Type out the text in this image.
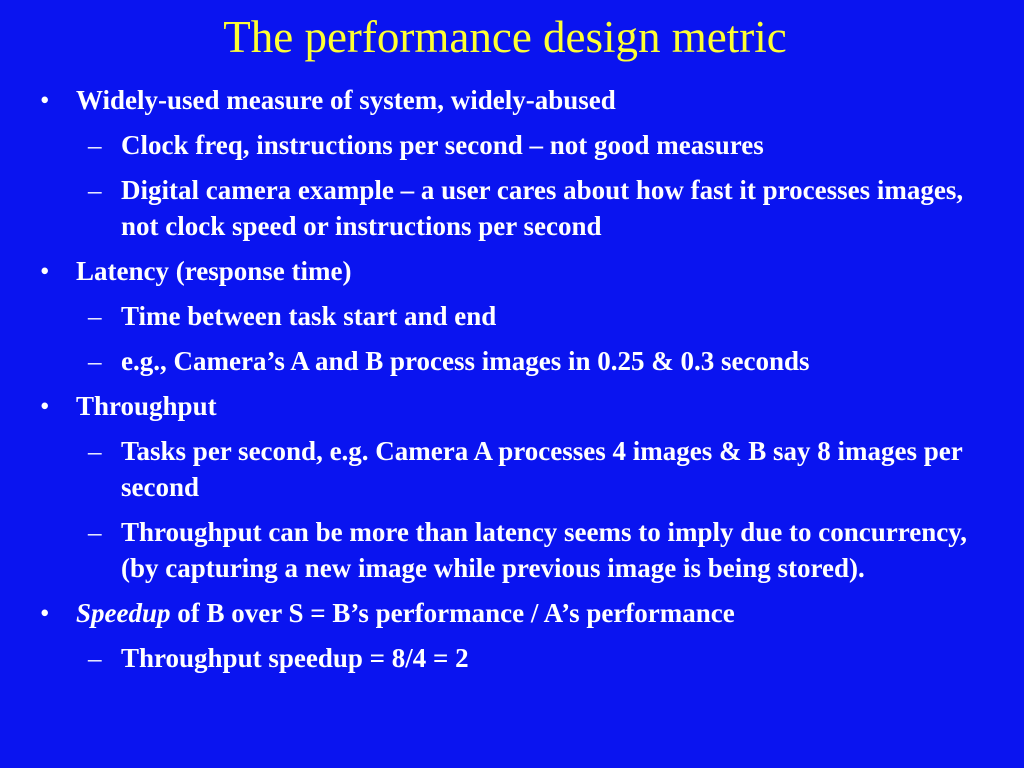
The performance design metric
• Widely-used measure of system, widely-abused
– Clock freq, instructions per second – not good measures
– Digital camera example – a user cares about how fast it processes images, not clock speed or instructions per second
• Latency (response time)
– Time between task start and end
– e.g., Camera’s A and B process images in 0.25 & 0.3 seconds
• Throughput
– Tasks per second, e.g. Camera A processes 4 images & B say 8 images per second
– Throughput can be more than latency seems to imply due to concurrency, (by capturing a new image while previous image is being stored).
• Speedup of B over S = B’s performance / A’s performance
– Throughput speedup = 8/4 = 2
